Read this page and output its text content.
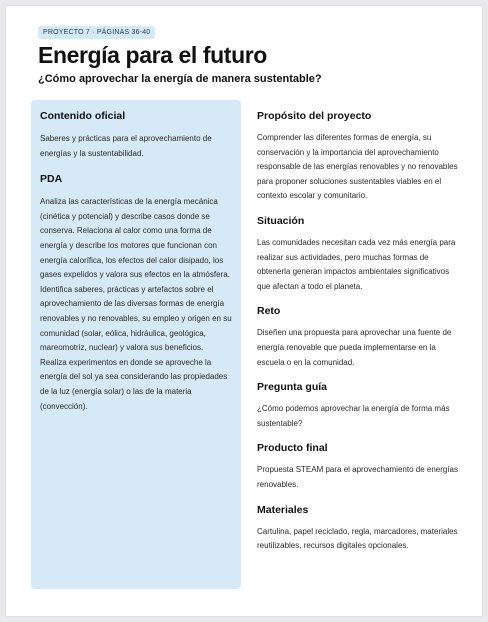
PROYECTO 7 · PÁGINAS 36-40
Energía para el futuro
¿Cómo aprovechar la energía de manera sustentable?
Contenido oficial

Saberes y prácticas para el aprovechamiento de energías y la sustentabilidad.

PDA

Analiza las características de la energía mecánica (cinética y potencial) y describe casos donde se conserva. Relaciona al calor como una forma de energía y describe los motores que funcionan con energía calorífica, los efectos del calor disipado, los gases expelidos y valora sus efectos en la atmósfera. Identifica saberes, prácticas y artefactos sobre el aprovechamiento de las diversas formas de energía renovables y no renovables, su empleo y origen en su comunidad (solar, eólica, hidráulica, geológica, mareomotriz, nuclear) y valora sus beneficios. Realiza experimentos en donde se aproveche la energía del sol ya sea considerando las propiedades de la luz (energía solar) o las de la materia (convección).

Propósito del proyecto

Comprender las diferentes formas de energía, su conservación y la importancia del aprovechamiento responsable de las energías renovables y no renovables para proponer soluciones sustentables viables en el contexto escolar y comunitario.

Situación

Las comunidades necesitan cada vez más energía para realizar sus actividades, pero muchas formas de obtenerla generan impactos ambientales significativos que afectan a todo el planeta.

Reto

Diseñen una propuesta para aprovechar una fuente de energía renovable que pueda implementarse en la escuela o en la comunidad.

Pregunta guía

¿Cómo podemos aprovechar la energía de forma más sustentable?

Producto final

Propuesta STEAM para el aprovechamiento de energías renovables.

Materiales

Cartulina, papel reciclado, regla, marcadores, materiales reutilizables, recursos digitales opcionales.
